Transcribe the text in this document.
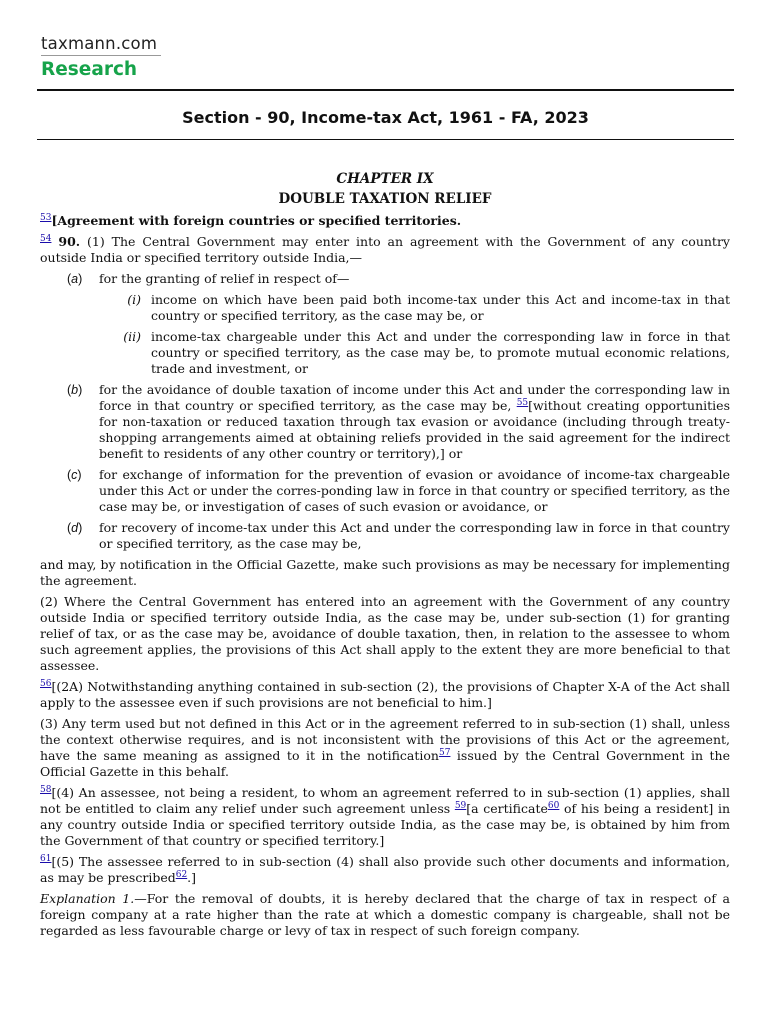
taxmann.com
Research
Section - 90, Income-tax Act, 1961 - FA, 2023

CHAPTER IX

DOUBLE TAXATION RELIEF

$^{53}$[Agreement with foreign countries or specified territories.

$^{54}$ 90. (1) The Central Government may enter into an agreement with the Government of any country outside India or specified territory outside India,—

(a)	for the granting of relief in respect of—
(i) income on which have been paid both income-tax under this Act and income-tax in that country or specified territory, as the case may be, or
(ii) income-tax chargeable under this Act and under the corresponding law in force in that country or specified territory, as the case may be, to promote mutual economic relations, trade and investment, or
(b)	for the avoidance of double taxation of income under this Act and under the corresponding law in force in that country or specified territory, as the case may be, $^{55}$[without creating opportunities for non-taxation or reduced taxation through tax evasion or avoidance (including through treaty-shopping arrangements aimed at obtaining reliefs provided in the said agreement for the indirect benefit to residents of any other country or territory),] or
(c)	for exchange of information for the prevention of evasion or avoidance of income-tax chargeable under this Act or under the corres-ponding law in force in that country or specified territory, as the case may be, or investigation of cases of such evasion or avoidance, or
(d)	for recovery of income-tax under this Act and under the corresponding law in force in that country or specified territory, as the case may be,

and may, by notification in the Official Gazette, make such provisions as may be necessary for implementing the agreement.

(2) Where the Central Government has entered into an agreement with the Government of any country outside India or specified territory outside India, as the case may be, under sub-section (1) for granting relief of tax, or as the case may be, avoidance of double taxation, then, in relation to the assessee to whom such agreement applies, the provisions of this Act shall apply to the extent they are more beneficial to that assessee.

$^{56}$[(2A) Notwithstanding anything contained in sub-section (2), the provisions of Chapter X-A of the Act shall apply to the assessee even if such provisions are not beneficial to him.]

(3) Any term used but not defined in this Act or in the agreement referred to in sub-section (1) shall, unless the context otherwise requires, and is not inconsistent with the provisions of this Act or the agreement, have the same meaning as assigned to it in the notification$^{57}$ issued by the Central Government in the Official Gazette in this behalf.

$^{58}$[(4) An assessee, not being a resident, to whom an agreement referred to in sub-section (1) applies, shall not be entitled to claim any relief under such agreement unless $^{59}$[a certificate$^{60}$ of his being a resident] in any country outside India or specified territory outside India, as the case may be, is obtained by him from the Government of that country or specified territory.]

$^{61}$[(5) The assessee referred to in sub-section (4) shall also provide such other documents and information, as may be prescribed$^{62}$.]

Explanation 1.—For the removal of doubts, it is hereby declared that the charge of tax in respect of a foreign company at a rate higher than the rate at which a domestic company is chargeable, shall not be regarded as less favourable charge or levy of tax in respect of such foreign company.
